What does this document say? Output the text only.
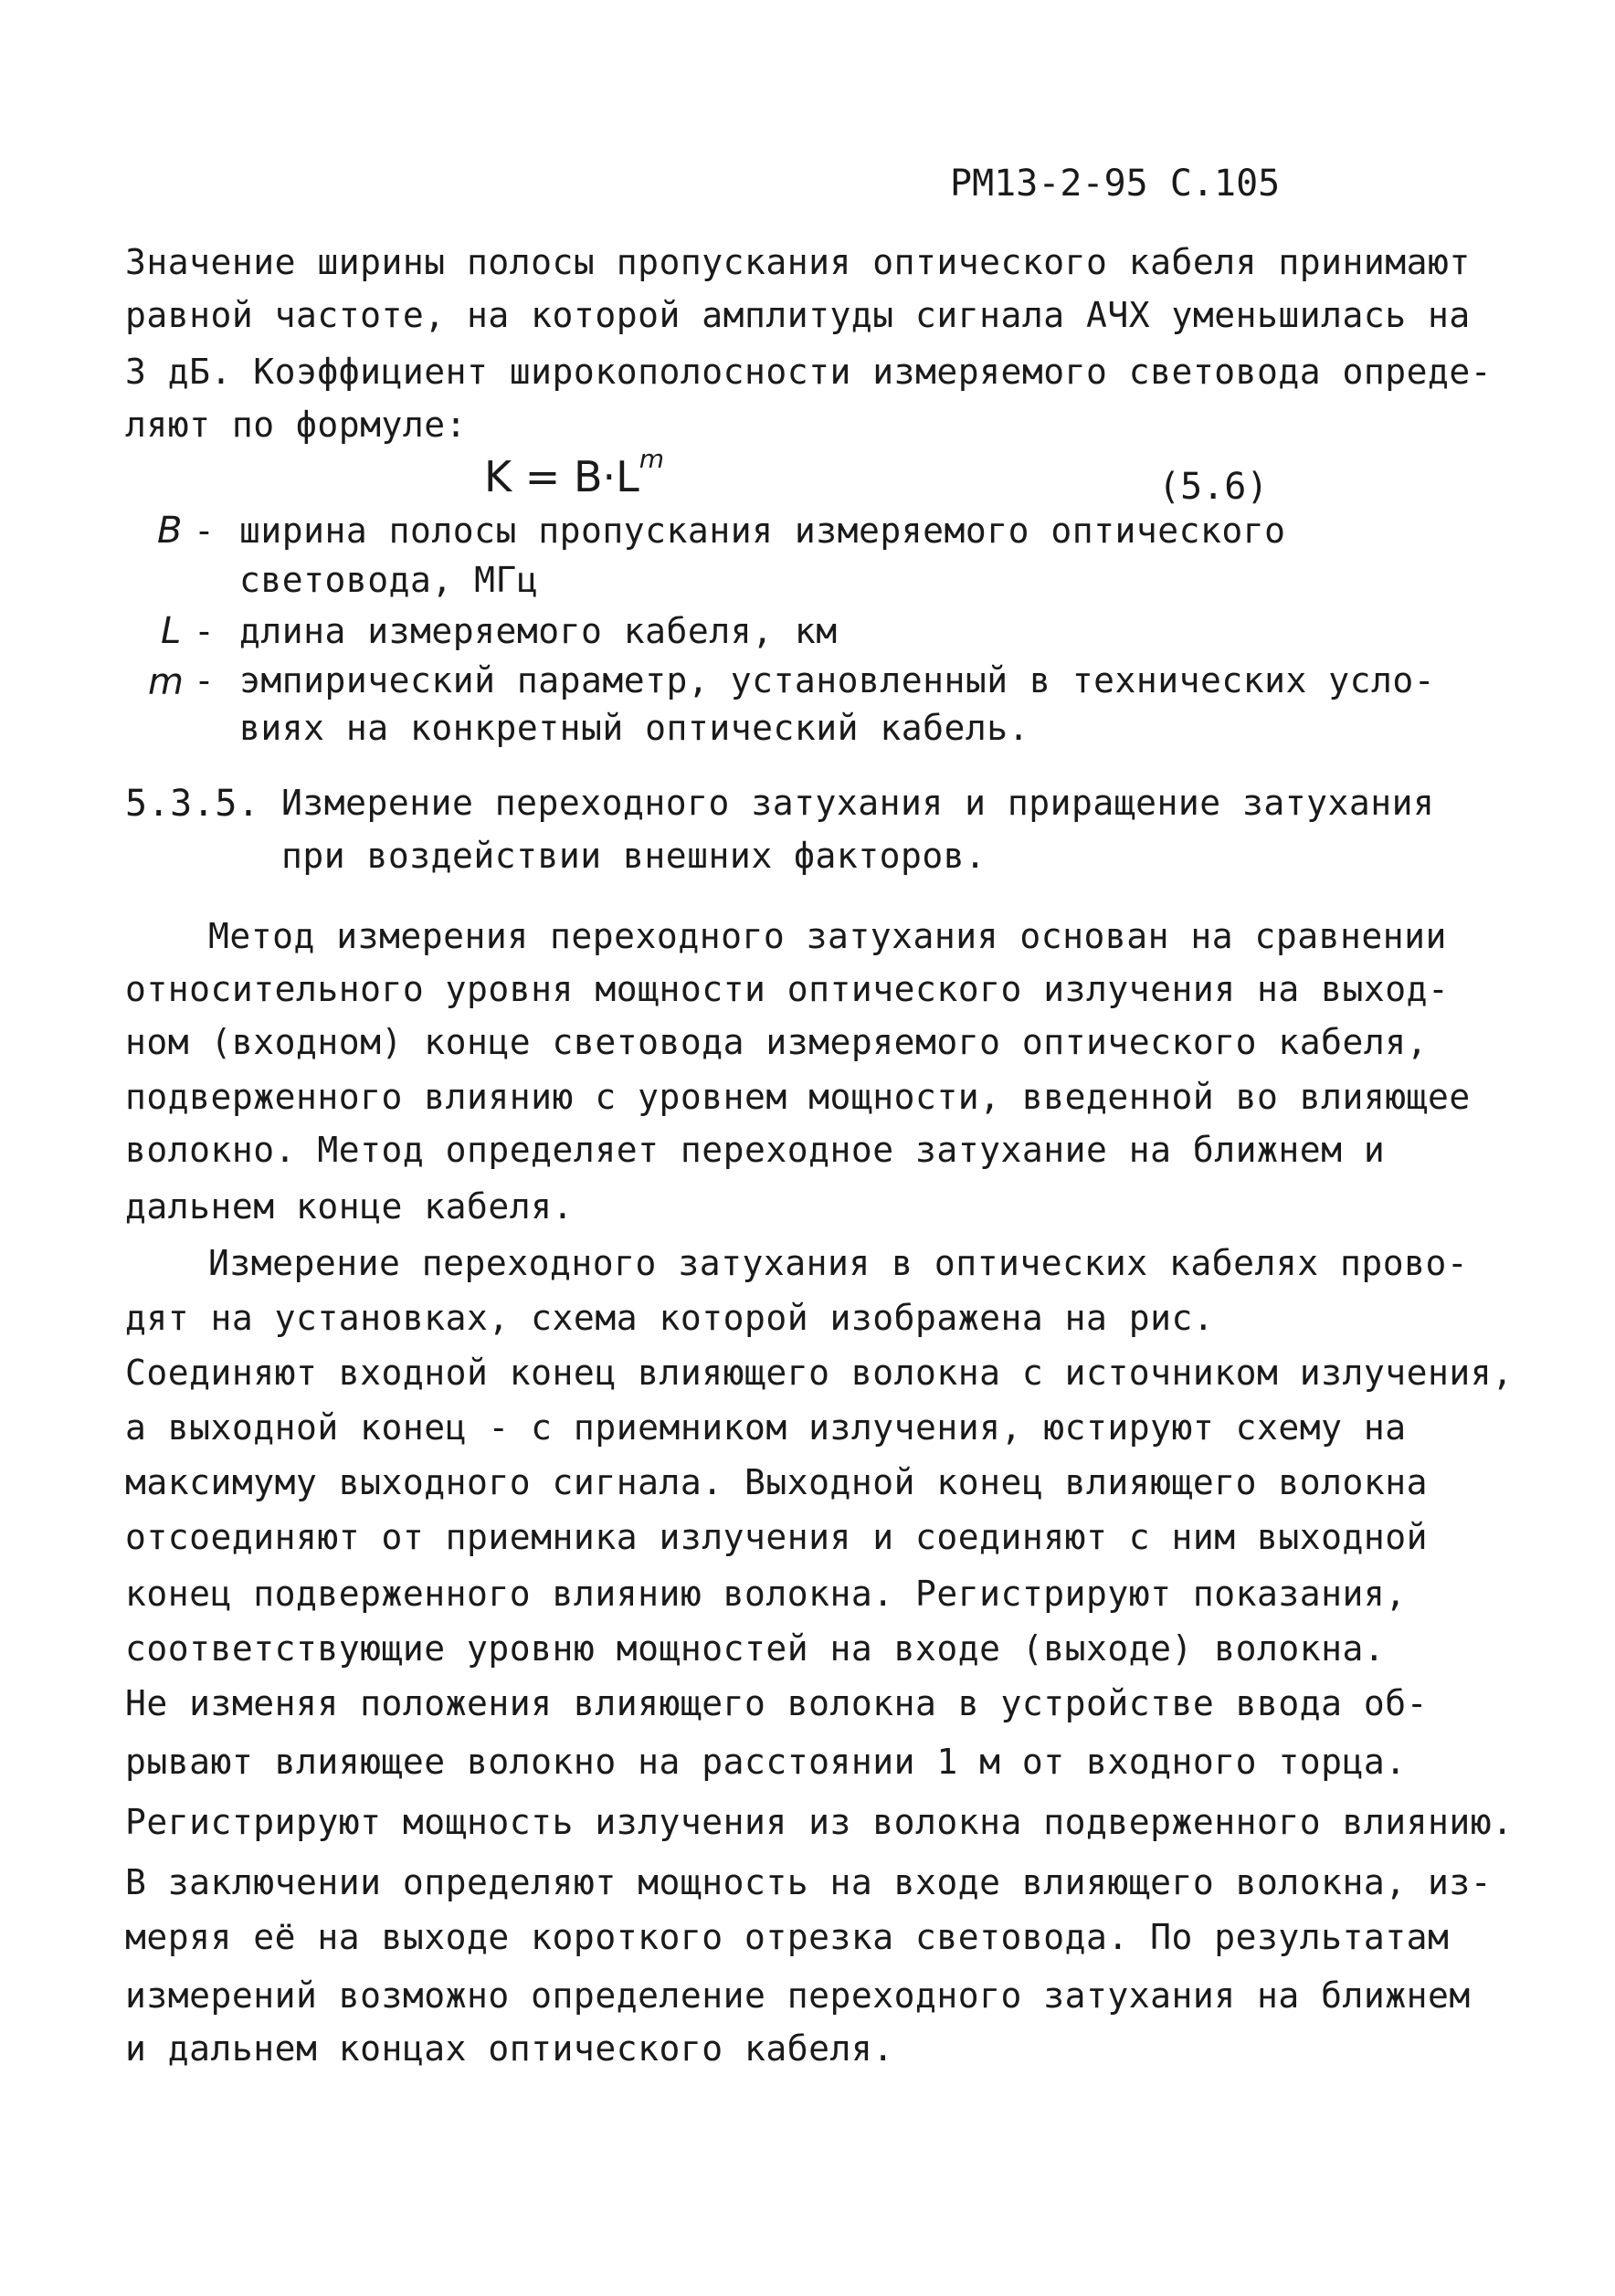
РМ13-2-95 С.105
Значение ширины полосы пропускания оптического кабеля принимают
равной частоте, на которой амплитуды сигнала АЧХ уменьшилась на
3 дБ. Коэффициент широкополосности измеряемого световода опреде-
ляют по формуле:
$K = B\cdot L^m$
(5.6)
B - ширина полосы пропускания измеряемого оптического
световода, МГц
L - длина измеряемого кабеля, км
m - эмпирический параметр, установленный в технических усло-
виях на конкретный оптический кабель.
5.3.5. Измерение переходного затухания и приращение затухания
при воздействии внешних факторов.
Метод измерения переходного затухания основан на сравнении
относительного уровня мощности оптического излучения на выход-
ном (входном) конце световода измеряемого оптического кабеля,
подверженного влиянию с уровнем мощности, введенной во влияющее
волокно. Метод определяет переходное затухание на ближнем и
дальнем конце кабеля.
Измерение переходного затухания в оптических кабелях прово-
дят на установках, схема которой изображена на рис.
Соединяют входной конец влияющего волокна с источником излучения,
а выходной конец - с приемником излучения, юстируют схему на
максимуму выходного сигнала. Выходной конец влияющего волокна
отсоединяют от приемника излучения и соединяют с ним выходной
конец подверженного влиянию волокна. Регистрируют показания,
соответствующие уровню мощностей на входе (выходе) волокна.
Не изменяя положения влияющего волокна в устройстве ввода об-
рывают влияющее волокно на расстоянии 1 м от входного торца.
Регистрируют мощность излучения из волокна подверженного влиянию.
В заключении определяют мощность на входе влияющего волокна, из-
меряя её на выходе короткого отрезка световода. По результатам
измерений возможно определение переходного затухания на ближнем
и дальнем концах оптического кабеля.
